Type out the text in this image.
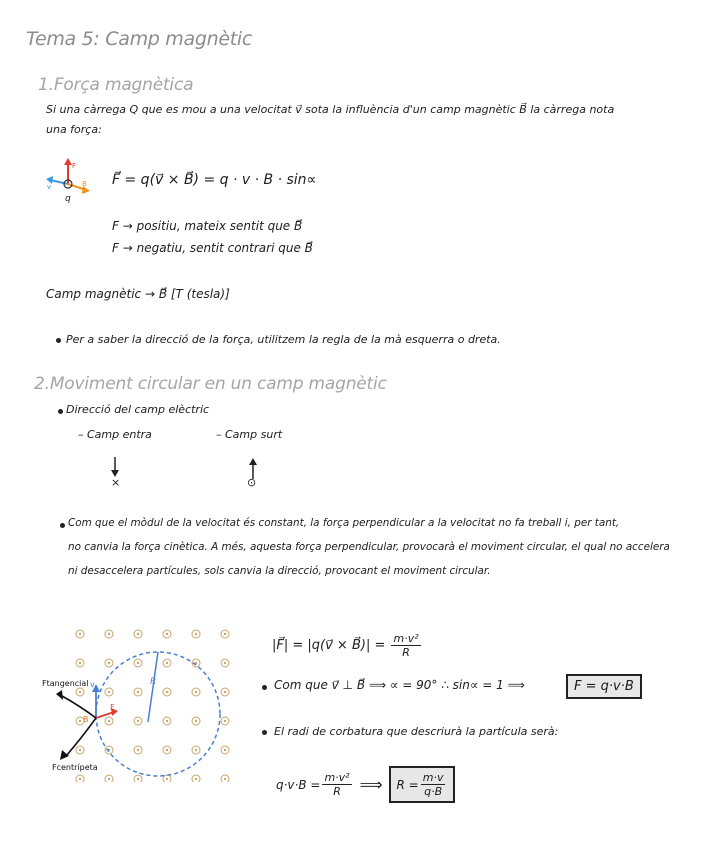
Tema 5: Camp magnètic
1.Força magnètica
Si una càrrega Q que es mou a una velocitat v⃗ sota la influència d'un camp magnètic B⃗ la càrrega nota
una força:
F
B
v
q
F⃗ = q(v⃗ × B⃗) = q · v · B · sin∝
F → positiu, mateix sentit que B⃗
F → negatiu, sentit contrari que B⃗
Camp magnètic → B⃗ [T (tesla)]
Per a saber la direcció de la força, utilitzem la regla de la mà esquerra o dreta.
2.Moviment circular en un camp magnètic
Direcció del camp elèctric
– Camp entra	– Camp surt
×	⊙
Com que el mòdul de la velocitat és constant, la força perpendicular a la velocitat no fa treball i, per tant,
no canvia la força cinètica. A més, aquesta força perpendicular, provocarà el moviment circular, el qual no accelera
ni desaccelera partícules, sols canvia la direcció, provocant el moviment circular.
R
v
F
B
Ftangencial
Fcentrípeta
|F⃗| = |q(v⃗ × B⃗)| = $\frac{\text{m·v²}}{R}$
Com que v⃗ ⊥ B⃗ ⟹ ∝ = 90° ∴ sin∝ = 1 ⟹	F = q·v·B
El radi de corbatura que descriurà la partícula serà:
$q\cdot v\cdot B = \frac{\text{m·v²}}{R}$ ⟹ $R = \frac{m\cdot v}{q\cdot B}$
